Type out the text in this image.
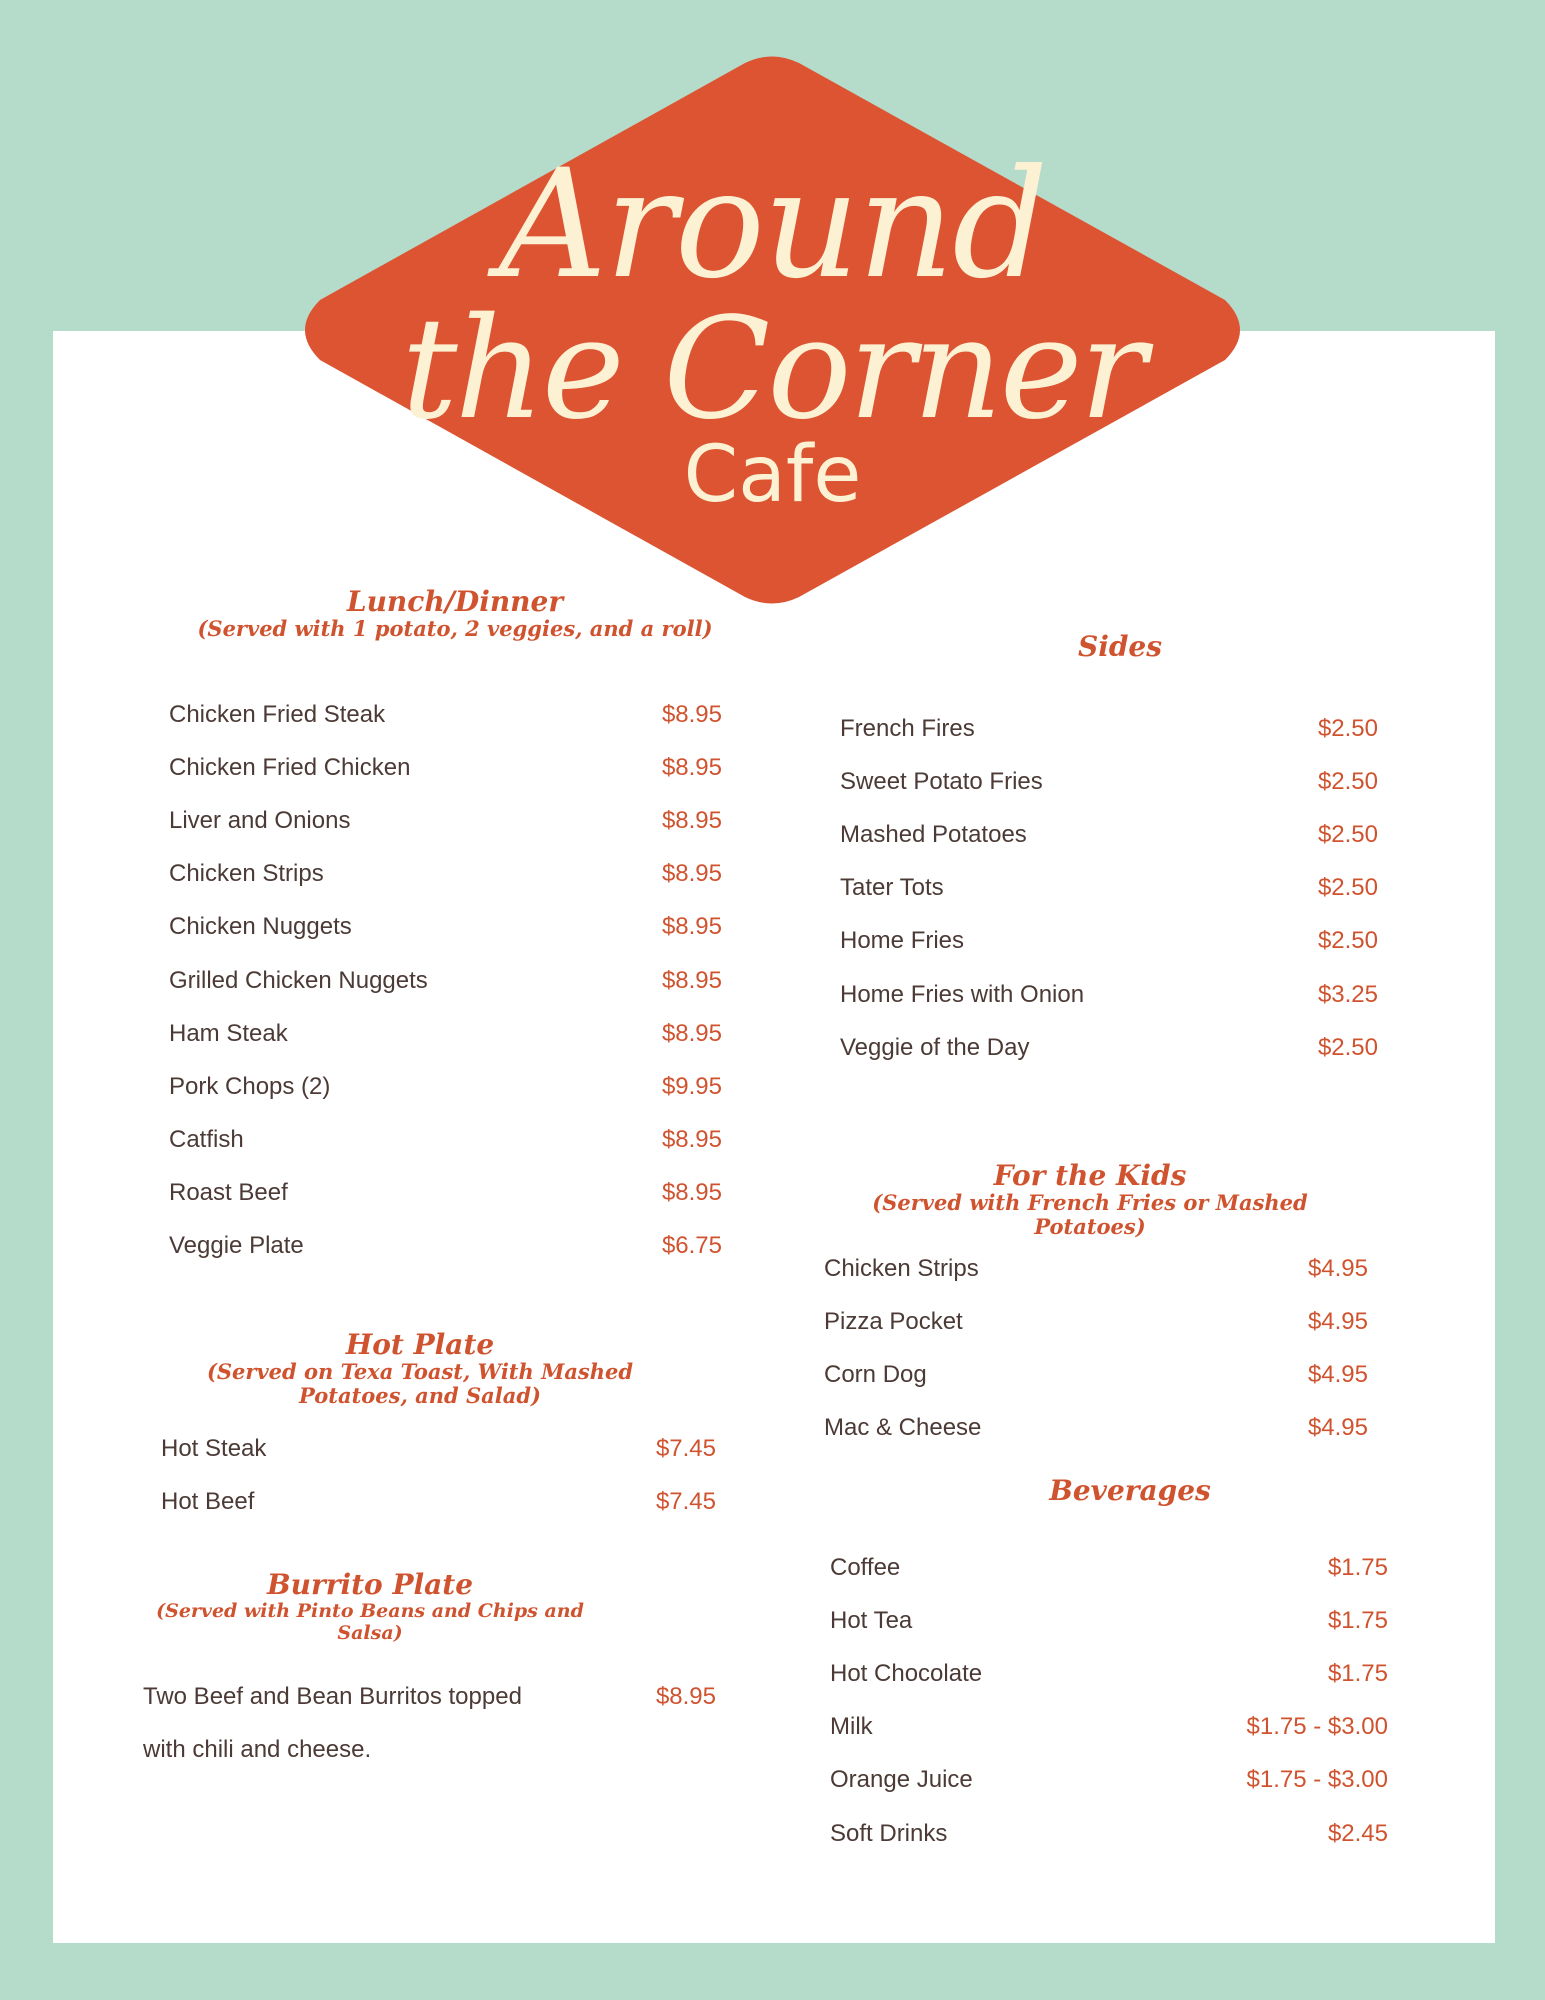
Around
the Corner
Cafe
Lunch/Dinner
(Served with 1 potato, 2 veggies, and a roll)
Chicken Fried Steak	$8.95
Chicken Fried Chicken	$8.95
Liver and Onions	$8.95
Chicken Strips	$8.95
Chicken Nuggets	$8.95
Grilled Chicken Nuggets	$8.95
Ham Steak	$8.95
Pork Chops (2)	$9.95
Catfish	$8.95
Roast Beef	$8.95
Veggie Plate	$6.75
Hot Plate
(Served on Texa Toast, With Mashed Potatoes, and Salad)
Hot Steak	$7.45
Hot Beef	$7.45
Burrito Plate
(Served with Pinto Beans and Chips and Salsa)
Two Beef and Bean Burritos topped
with chili and cheese.
$8.95
Sides
French Fires	$2.50
Sweet Potato Fries	$2.50
Mashed Potatoes	$2.50
Tater Tots	$2.50
Home Fries	$2.50
Home Fries with Onion	$3.25
Veggie of the Day	$2.50
For the Kids
(Served with French Fries or Mashed Potatoes)
Chicken Strips	$4.95
Pizza Pocket	$4.95
Corn Dog	$4.95
Mac & Cheese	$4.95
Beverages
Coffee	$1.75
Hot Tea	$1.75
Hot Chocolate	$1.75
Milk	$1.75 - $3.00
Orange Juice	$1.75 - $3.00
Soft Drinks	$2.45
